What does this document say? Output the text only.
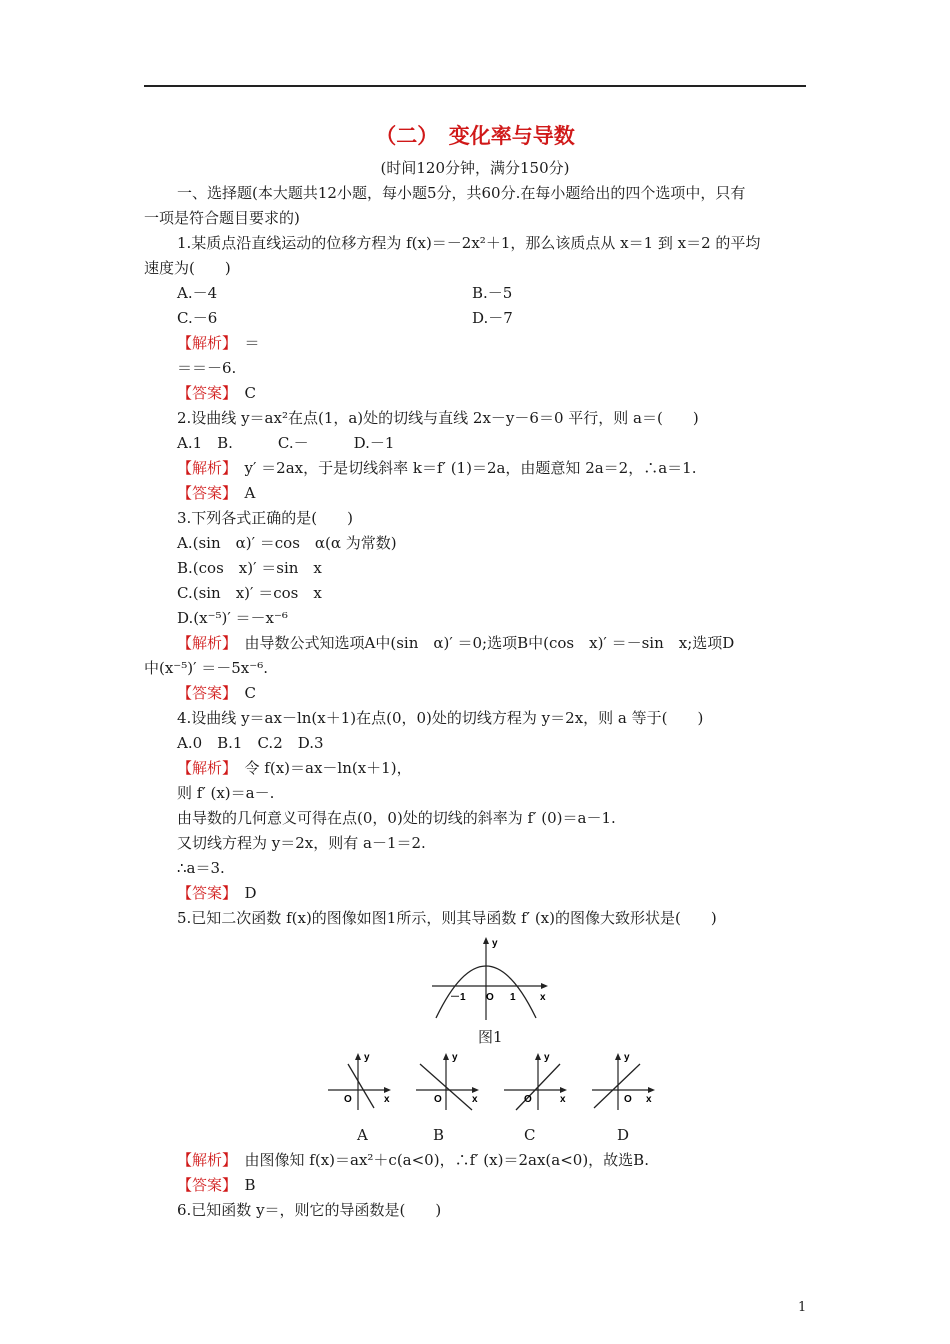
（二）　变化率与导数
(时间120分钟，满分150分)
一、选择题(本大题共12小题，每小题5分，共60分.在每小题给出的四个选项中，只有
一项是符合题目要求的)
1.某质点沿直线运动的位移方程为 f(x)＝－2x²＋1，那么该质点从 x＝1 到 x＝2 的平均
速度为(　　)
A.－4	B.－5
C.－6	D.－7
【解析】　＝
＝＝－6.
【答案】　C
2.设曲线 y＝ax²在点(1，a)处的切线与直线 2x－y－6＝0 平行，则 a＝(　　)
A.1　B.　　　C.－　　　D.－1
【解析】　y′ ＝2ax，于是切线斜率 k＝f′ (1)＝2a，由题意知 2a＝2，∴a＝1.
【答案】　A
3.下列各式正确的是(　　)
A.(sin　α)′ ＝cos　α(α 为常数)
B.(cos　x)′ ＝sin　x
C.(sin　x)′ ＝cos　x
D.(x⁻⁵)′ ＝－x⁻⁶
【解析】　由导数公式知选项A中(sin　α)′ ＝0;选项B中(cos　x)′ ＝－sin　x;选项D
中(x⁻⁵)′ ＝－5x⁻⁶.
【答案】　C
4.设曲线 y＝ax－ln(x＋1)在点(0，0)处的切线方程为 y＝2x，则 a 等于(　　)
A.0　B.1　C.2　D.3
【解析】　令 f(x)＝ax－ln(x＋1)，
则 f′ (x)＝a－.
由导数的几何意义可得在点(0，0)处的切线的斜率为 f′ (0)＝a－1.
又切线方程为 y＝2x，则有 a－1＝2.
∴a＝3.
【答案】　D
5.已知二次函数 f(x)的图像如图1所示，则其导函数 f′ (x)的图像大致形状是(　　)
y
x
O
－1	1
图1
y
x
O
A
y
x
O
B
y
x
O
C
y
x
O
D
【解析】　由图像知 f(x)＝ax²＋c(a<0)，∴f′ (x)＝2ax(a<0)，故选B.
【答案】　B
6.已知函数 y＝，则它的导函数是(　　)
1
